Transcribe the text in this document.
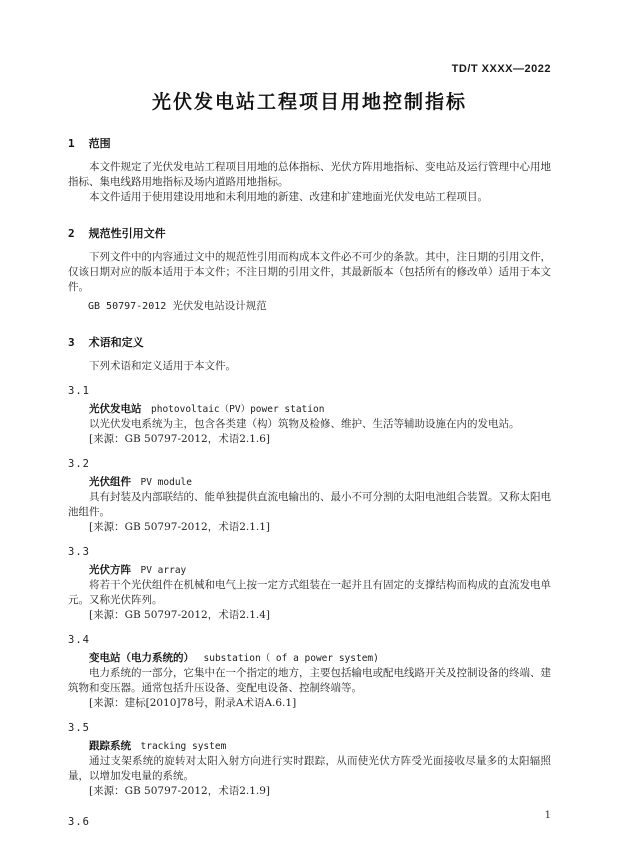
TD/T XXXX—2022
光伏发电站工程项目用地控制指标
1 范围

本文件规定了光伏发电站工程项目用地的总体指标、光伏方阵用地指标、变电站及运行管理中心用地指标、集电线路用地指标及场内道路用地指标。

本文件适用于使用建设用地和未利用地的新建、改建和扩建地面光伏发电站工程项目。

2 规范性引用文件

下列文件中的内容通过文中的规范性引用而构成本文件必不可少的条款。其中，注日期的引用文件，仅该日期对应的版本适用于本文件；不注日期的引用文件，其最新版本（包括所有的修改单）适用于本文件。

GB 50797-2012 光伏发电站设计规范
3 术语和定义

下列术语和定义适用于本文件。

3.1
光伏发电站 photovoltaic（PV）power station

以光伏发电系统为主，包含各类建（构）筑物及检修、维护、生活等辅助设施在内的发电站。

[来源：GB 50797-2012，术语2.1.6]
3.2
光伏组件 PV module

具有封装及内部联结的、能单独提供直流电输出的、最小不可分割的太阳电池组合装置。又称太阳电池组件。

[来源：GB 50797-2012，术语2.1.1]
3.3
光伏方阵 PV array

将若干个光伏组件在机械和电气上按一定方式组装在一起并且有固定的支撑结构而构成的直流发电单元。又称光伏阵列。

[来源：GB 50797-2012，术语2.1.4]
3.4
变电站（电力系统的） substation（ of a power system)

电力系统的一部分，它集中在一个指定的地方，主要包括输电或配电线路开关及控制设备的终端、建筑物和变压器。通常包括升压设备、变配电设备、控制终端等。

[来源：建标[2010]78号，附录A术语A.6.1]
3.5
跟踪系统 tracking system

通过支架系统的旋转对太阳入射方向进行实时跟踪，从而使光伏方阵受光面接收尽量多的太阳辐照量，以增加发电量的系统。

[来源：GB 50797-2012，术语2.1.9]
3.6
1
